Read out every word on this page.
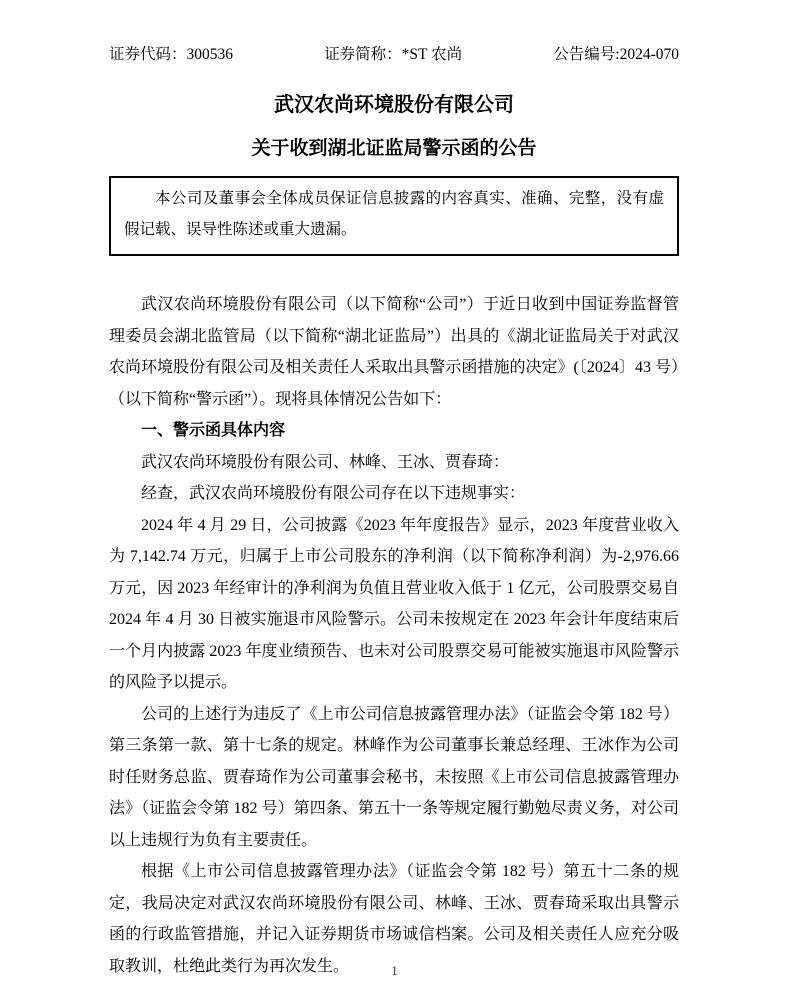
证券代码：300536	证券简称：*ST 农尚	公告编号:2024-070
武汉农尚环境股份有限公司
关于收到湖北证监局警示函的公告

本公司及董事会全体成员保证信息披露的内容真实、准确、完整，没有虚假记载、误导性陈述或重大遗漏。

武汉农尚环境股份有限公司（以下简称“公司”）于近日收到中国证券监督管理委员会湖北监管局（以下简称“湖北证监局”）出具的《湖北证监局关于对武汉农尚环境股份有限公司及相关责任人采取出具警示函措施的决定》(〔2024〕43 号）（以下简称“警示函”）。现将具体情况公告如下：

一、警示函具体内容

武汉农尚环境股份有限公司、林峰、王冰、贾春琦：

经查，武汉农尚环境股份有限公司存在以下违规事实：

2024 年 4 月 29 日，公司披露《2023 年年度报告》显示，2023 年度营业收入为 7,142.74 万元，归属于上市公司股东的净利润（以下简称净利润）为-2,976.66 万元，因 2023 年经审计的净利润为负值且营业收入低于 1 亿元，公司股票交易自 2024 年 4 月 30 日被实施退市风险警示。公司未按规定在 2023 年会计年度结束后一个月内披露 2023 年度业绩预告、也未对公司股票交易可能被实施退市风险警示的风险予以提示。

公司的上述行为违反了《上市公司信息披露管理办法》（证监会令第 182 号）第三条第一款、第十七条的规定。林峰作为公司董事长兼总经理、王冰作为公司时任财务总监、贾春琦作为公司董事会秘书，未按照《上市公司信息披露管理办法》（证监会令第 182 号）第四条、第五十一条等规定履行勤勉尽责义务，对公司以上违规行为负有主要责任。

根据《上市公司信息披露管理办法》（证监会令第 182 号）第五十二条的规定，我局决定对武汉农尚环境股份有限公司、林峰、王冰、贾春琦采取出具警示函的行政监管措施，并记入证券期货市场诚信档案。公司及相关责任人应充分吸取教训，杜绝此类行为再次发生。	1
